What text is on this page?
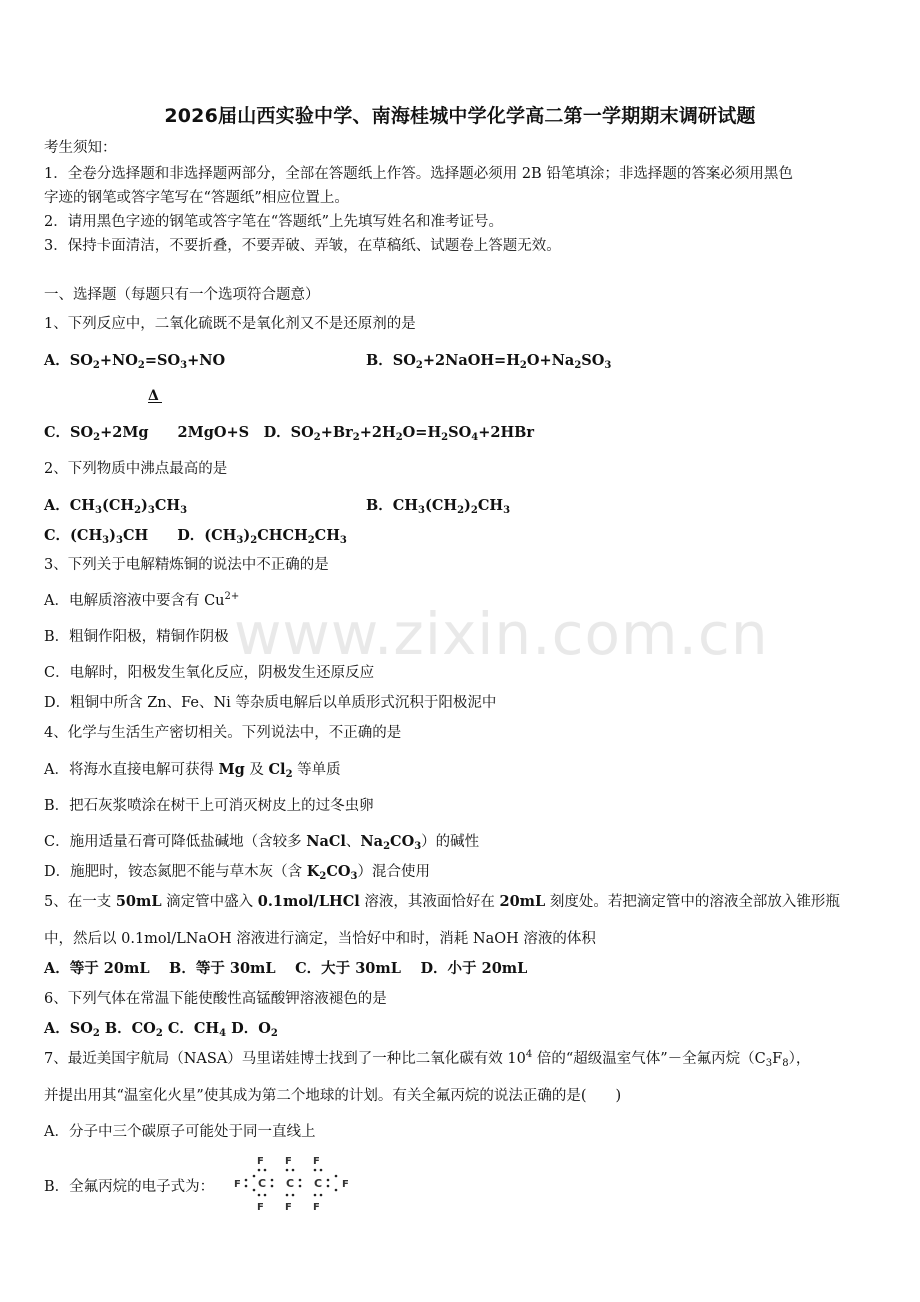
2026届山西实验中学、南海桂城中学化学高二第一学期期末调研试题
考生须知：
1．全卷分选择题和非选择题两部分，全部在答题纸上作答。选择题必须用 2B 铅笔填涂；非选择题的答案必须用黑色
字迹的钢笔或答字笔写在“答题纸”相应位置上。
2．请用黑色字迹的钢笔或答字笔在“答题纸”上先填写姓名和准考证号。
3．保持卡面清洁，不要折叠，不要弄破、弄皱，在草稿纸、试题卷上答题无效。
一、选择题（每题只有一个选项符合题意）
1、下列反应中，二氧化硫既不是氧化剂又不是还原剂的是
A．$SO_2+NO_2=SO_3+NO$	B．$SO_2+2NaOH=H_2O+Na_2SO_3$
Δ
C．$SO_2+2Mg$　　2MgO+S　D．$SO_2+Br_2+2H_2O=H_2SO_4+2HBr$
2、下列物质中沸点最高的是
A．$CH_3(CH_2)_3CH_3$	B．$CH_3(CH_2)_2CH_3$
C．$(CH_3)_3CH$　　D．$(CH_3)_2CHCH_2CH_3$
3、下列关于电解精炼铜的说法中不正确的是
A．电解质溶液中要含有 $Cu^{2+}$
B．粗铜作阳极，精铜作阴极
C．电解时，阳极发生氧化反应，阴极发生还原反应
D．粗铜中所含 Zn、Fe、Ni 等杂质电解后以单质形式沉积于阳极泥中
www.zixin.com.cn
4、化学与生活生产密切相关。下列说法中，不正确的是
A．将海水直接电解可获得 Mg 及 $Cl_2$ 等单质
B．把石灰浆喷涂在树干上可消灭树皮上的过冬虫卵
C．施用适量石膏可降低盐碱地（含较多 NaCl、$Na_2CO_3$）的碱性
D．施肥时，铵态氮肥不能与草木灰（含 $K_2CO_3$）混合使用
5、在一支 50mL 滴定管中盛入 0.1mol/LHCl 溶液，其液面恰好在 20mL 刻度处。若把滴定管中的溶液全部放入锥形瓶
中，然后以 0.1mol/LNaOH 溶液进行滴定，当恰好中和时，消耗 NaOH 溶液的体积
A．等于 20mL　 B．等于 30mL　 C．大于 30mL　 D．小于 20mL
6、下列气体在常温下能使酸性高锰酸钾溶液褪色的是
A．$SO_2$ B．$CO_2$ C．$CH_4$ D．$O_2$
7、最近美国宇航局（NASA）马里诺娃博士找到了一种比二氧化碳有效 $10^4$ 倍的“超级温室气体”－全氟丙烷$(C_3F_8)$，
并提出用其“温室化火星”使其成为第二个地球的计划。有关全氟丙烷的说法正确的是(　　)
A．分子中三个碳原子可能处于同一直线上
B．全氟丙烷的电子式为：
F F F
F	F
F F F
C C C
